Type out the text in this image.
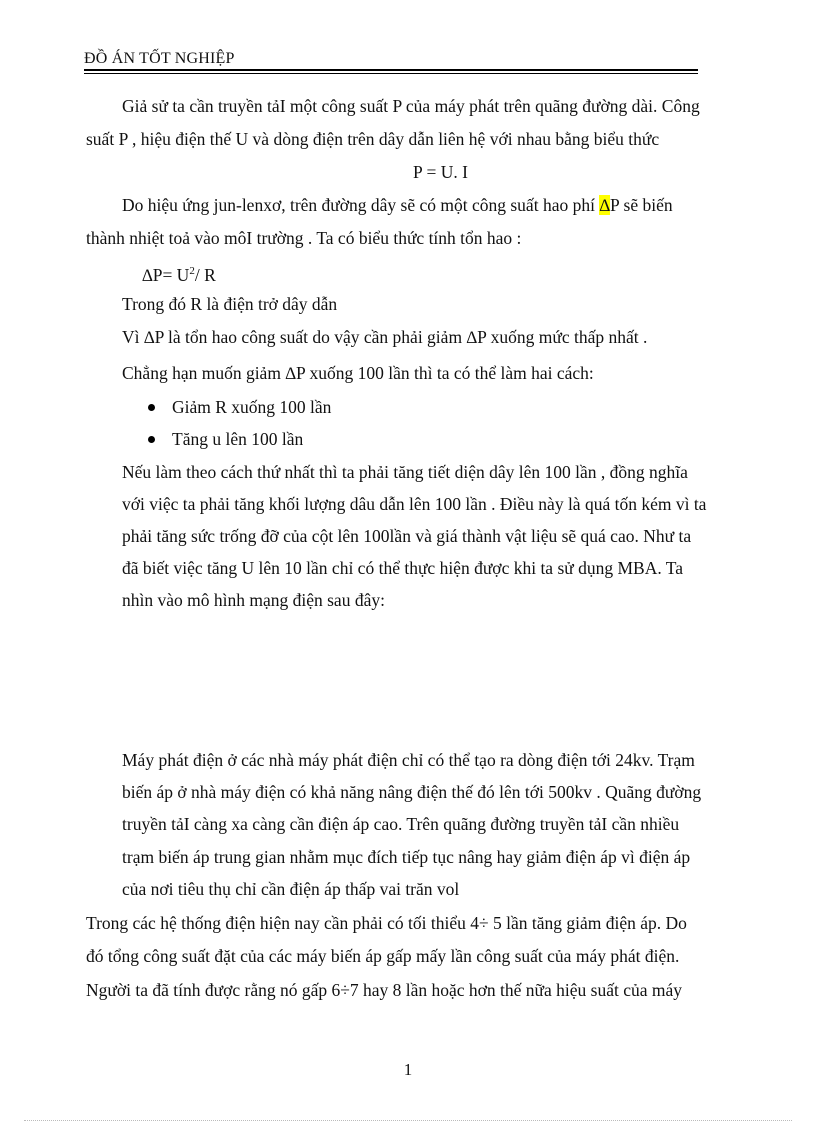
ĐỒ ÁN TỐT NGHIỆP
Giả sử ta cần truyền tảI một công suất P của máy phát trên quãng đường dài. Công
suất P , hiệu điện thế U và dòng điện trên dây dẫn liên hệ với nhau bằng biểu thức
P = U. I
Do hiệu ứng jun-lenxơ, trên đường dây sẽ có một công suất hao phí ∆P sẽ biến
thành nhiệt toả vào môI trường . Ta có biểu thức tính tổn hao :
$\Delta P= U^2/$ R
Trong đó R là điện trở dây dẫn
Vì ∆P là tổn hao công suất do vậy cần phải giảm ∆P xuống mức thấp nhất .
Chẳng hạn muốn giảm ∆P xuống 100 lần thì ta có thể làm hai cách:
Giảm R xuống 100 lần
Tăng u lên 100 lần
Nếu làm theo cách thứ nhất thì ta phải tăng tiết diện dây lên 100 lần , đồng nghĩa
với việc ta phải tăng khối lượng dâu dẫn lên 100 lần . Điều này là quá tốn kém vì ta
phải tăng sức trống đỡ của cột lên 100lần và giá thành vật liệu sẽ quá cao. Như ta
đã biết việc tăng U lên 10 lần chỉ có thể thực hiện được khi ta sử dụng MBA. Ta
nhìn vào mô hình mạng điện sau đây:
Máy phát điện ở các nhà máy phát điện chỉ có thể tạo ra dòng điện tới 24kv. Trạm
biến áp ở nhà máy điện có khả năng nâng điện thế đó lên tới 500kv . Quãng đường
truyền tảI càng xa càng cần điện áp cao. Trên quãng đường truyền tảI cần nhiều
trạm biến áp trung gian nhằm mục đích tiếp tục nâng hay giảm điện áp vì điện áp
của nơi tiêu thụ chỉ cần điện áp thấp vai trăn vol
Trong các hệ thống điện hiện nay cần phải có tối thiểu 4÷ 5 lần tăng giảm điện áp. Do
đó tổng công suất đặt của các máy biến áp gấp mấy lần công suất của máy phát điện.
Người ta đã tính được rằng nó gấp 6÷7 hay 8 lần hoặc hơn thế nữa hiệu suất của máy
1
